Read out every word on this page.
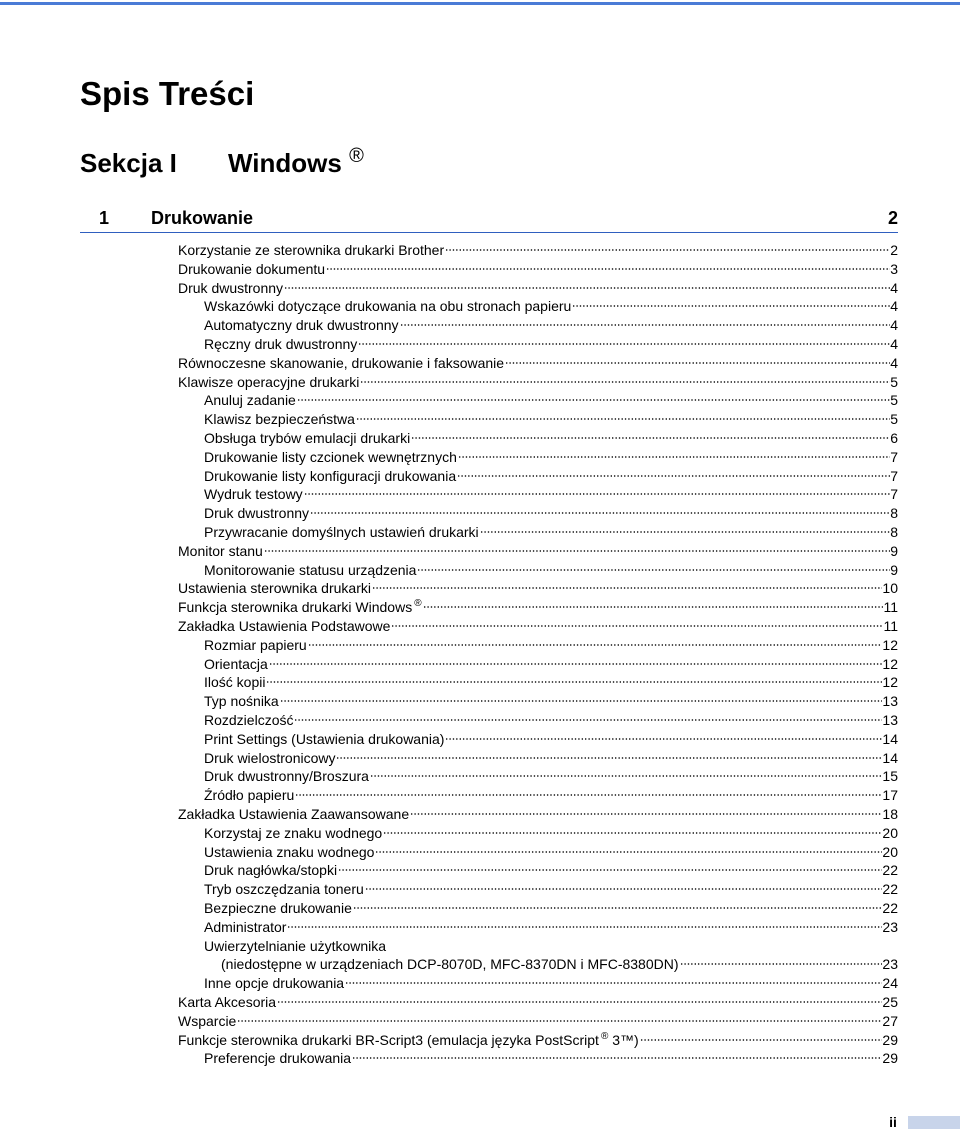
Spis Treści
Sekcja I Windows ®
1 Drukowanie	2
Korzystanie ze sterownika drukarki Brother	2
Drukowanie dokumentu	3
Druk dwustronny	4
Wskazówki dotyczące drukowania na obu stronach papieru	4
Automatyczny druk dwustronny	4
Ręczny druk dwustronny	4
Równoczesne skanowanie, drukowanie i faksowanie	4
Klawisze operacyjne drukarki	5
Anuluj zadanie	5
Klawisz bezpieczeństwa	5
Obsługa trybów emulacji drukarki	6
Drukowanie listy czcionek wewnętrznych	7
Drukowanie listy konfiguracji drukowania	7
Wydruk testowy	7
Druk dwustronny	8
Przywracanie domyślnych ustawień drukarki	8
Monitor stanu	9
Monitorowanie statusu urządzenia	9
Ustawienia sterownika drukarki	10
Funkcja sterownika drukarki Windows ®	11
Zakładka Ustawienia Podstawowe	11
Rozmiar papieru	12
Orientacja	12
Ilość kopii	12
Typ nośnika	13
Rozdzielczość	13
Print Settings (Ustawienia drukowania)	14
Druk wielostronicowy	14
Druk dwustronny/Broszura	15
Źródło papieru	17
Zakładka Ustawienia Zaawansowane	18
Korzystaj ze znaku wodnego	20
Ustawienia znaku wodnego	20
Druk nagłówka/stopki	22
Tryb oszczędzania toneru	22
Bezpieczne drukowanie	22
Administrator	23
Uwierzytelnianie użytkownika
(niedostępne w urządzeniach DCP-8070D, MFC-8370DN i MFC-8380DN)	23
Inne opcje drukowania	24
Karta Akcesoria	25
Wsparcie	27
Funkcje sterownika drukarki BR-Script3 (emulacja języka PostScript ® 3™)	29
Preferencje drukowania	29
ii
